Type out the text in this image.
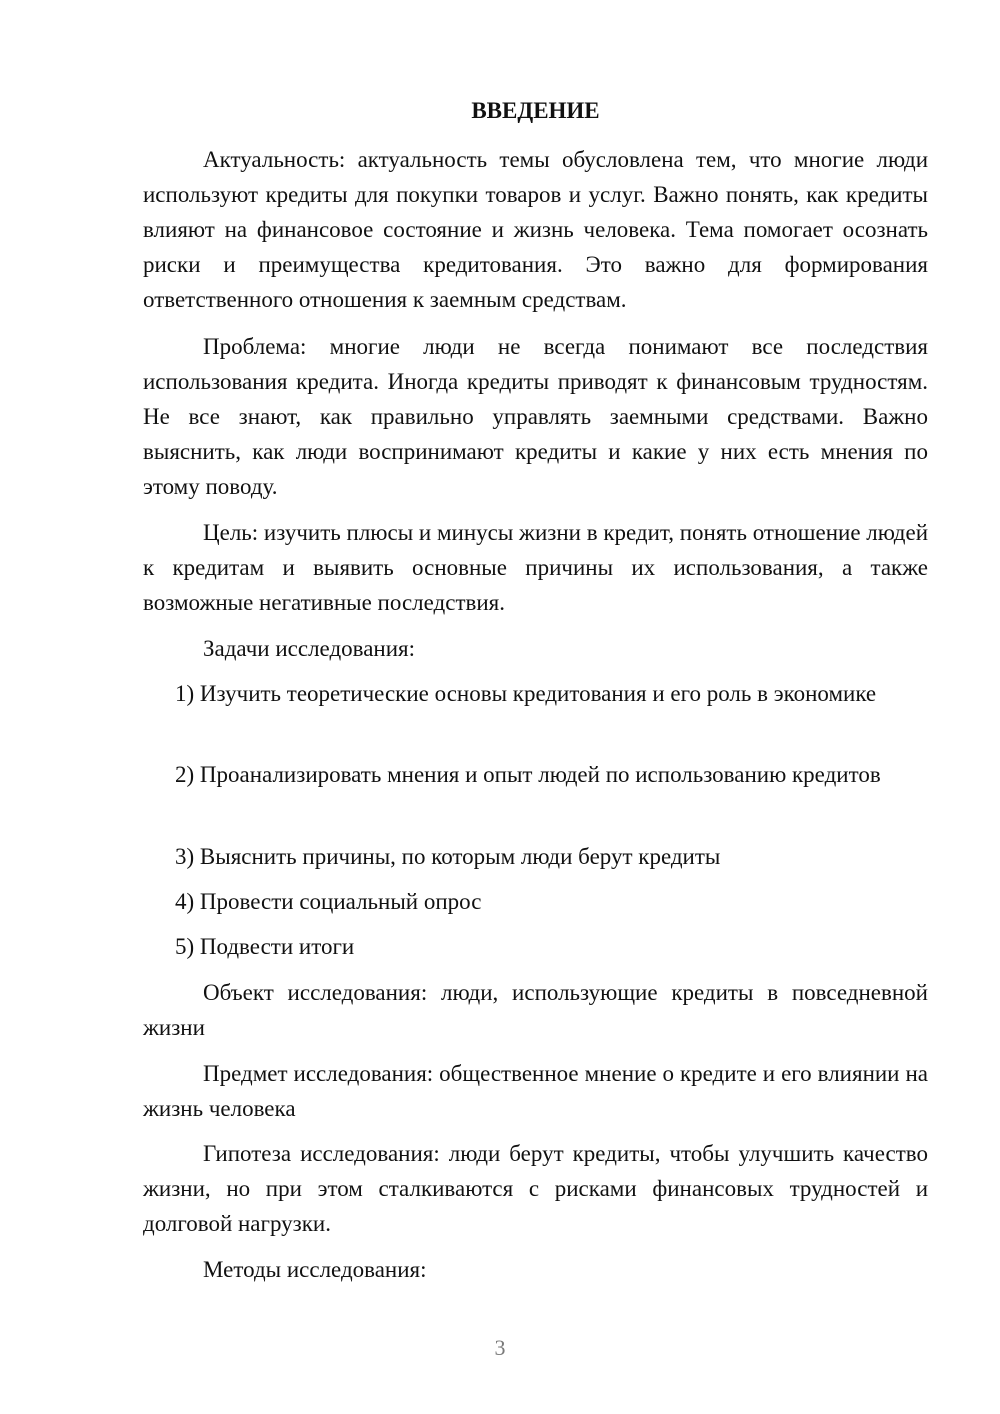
ВВЕДЕНИЕ

Актуальность: актуальность темы обусловлена тем, что многие люди используют кредиты для покупки товаров и услуг. Важно понять, как кредиты влияют на финансовое состояние и жизнь человека. Тема помогает осознать риски и преимущества кредитования. Это важно для формирования ответственного отношения к заемным средствам.

Проблема: многие люди не всегда понимают все последствия использования кредита. Иногда кредиты приводят к финансовым трудностям. Не все знают, как правильно управлять заемными средствами. Важно выяснить, как люди воспринимают кредиты и какие у них есть мнения по этому поводу.

Цель: изучить плюсы и минусы жизни в кредит, понять отношение людей к кредитам и выявить основные причины их использования, а также возможные негативные последствия.

Задачи исследования:

1) Изучить теоретические основы кредитования и его роль в экономике

2) Проанализировать мнения и опыт людей по использованию кредитов

3) Выяснить причины, по которым люди берут кредиты

4) Провести социальный опрос

5) Подвести итоги

Объект исследования: люди, использующие кредиты в повседневной жизни

Предмет исследования: общественное мнение о кредите и его влиянии на жизнь человека

Гипотеза исследования: люди берут кредиты, чтобы улучшить качество жизни, но при этом сталкиваются с рисками финансовых трудностей и долговой нагрузки.

Методы исследования:

3
